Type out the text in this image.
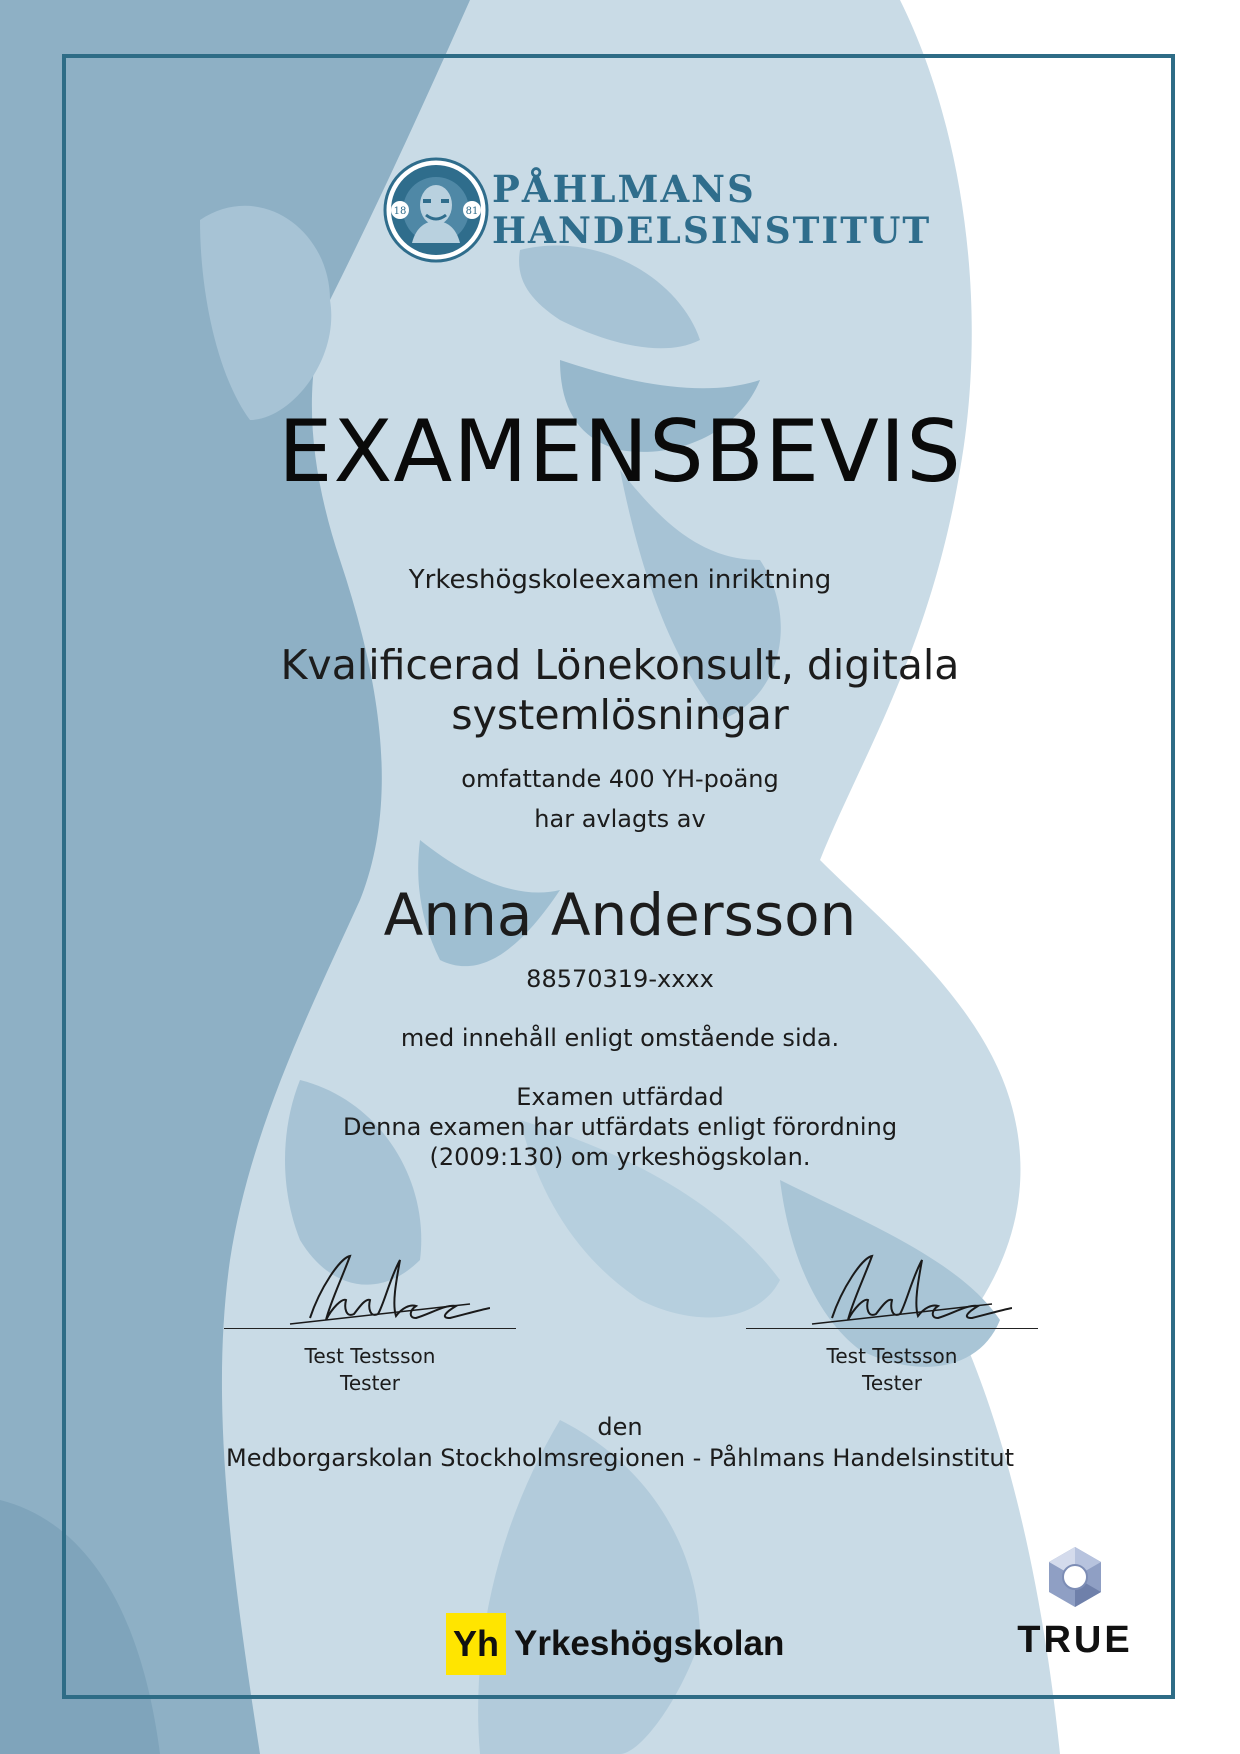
18	81
PÅHLMANS
HANDELSINSTITUT
EXAMENSBEVIS
Yrkeshögskoleexamen inriktning
Kvalificerad Lönekonsult, digitala
systemlösningar
omfattande 400 YH-poäng
har avlagts av
Anna Andersson
88570319-xxxx
med innehåll enligt omstående sida.
Examen utfärdad
Denna examen har utfärdats enligt förordning
(2009:130) om yrkeshögskolan.
Test Testsson
Tester
Test Testsson
Tester
den
Medborgarskolan Stockholmsregionen - Påhlmans Handelsinstitut
Yh Yrkeshögskolan	TRUE
